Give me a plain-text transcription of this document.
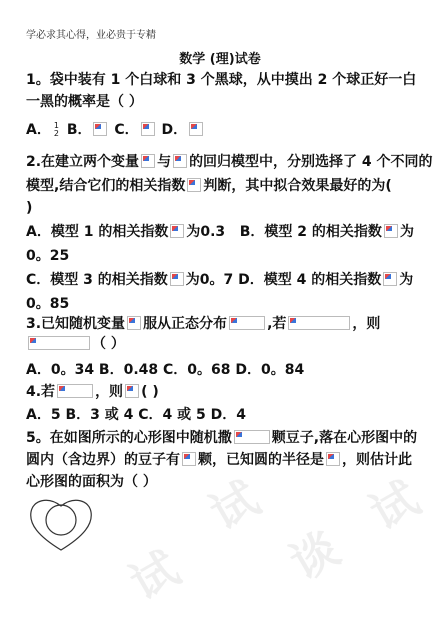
试
谈
试
试
学必求其心得，业必贵于专精
数学 (理)试卷
1。袋中装有 1 个白球和 3 个黑球，从中摸出 2 个球正好一白
一黑的概率是（ ）
A． 1
2 B． C． D．
2.在建立两个变量 与 的回归模型中，分别选择了 4 个不同的
模型,结合它们的相关指数 判断，其中拟合效果最好的为(
)
A．模型 1 的相关指数 为0.3 B．模型 2 的相关指数 为
0。25
C．模型 3 的相关指数 为0。7 D．模型 4 的相关指数 为
0。85
3.已知随机变量 服从正态分布	,若	，则
（ ）
A．0。34 B．0.48 C．0。68 D．0。84
4.若	，则 ( )
A．5 B．3 或 4 C．4 或 5 D．4
5。在如图所示的心形图中随机撒	颗豆子,落在心形图中的
圆内（含边界）的豆子有 颗，已知圆的半径是 ，则估计此
心形图的面积为（ ）
